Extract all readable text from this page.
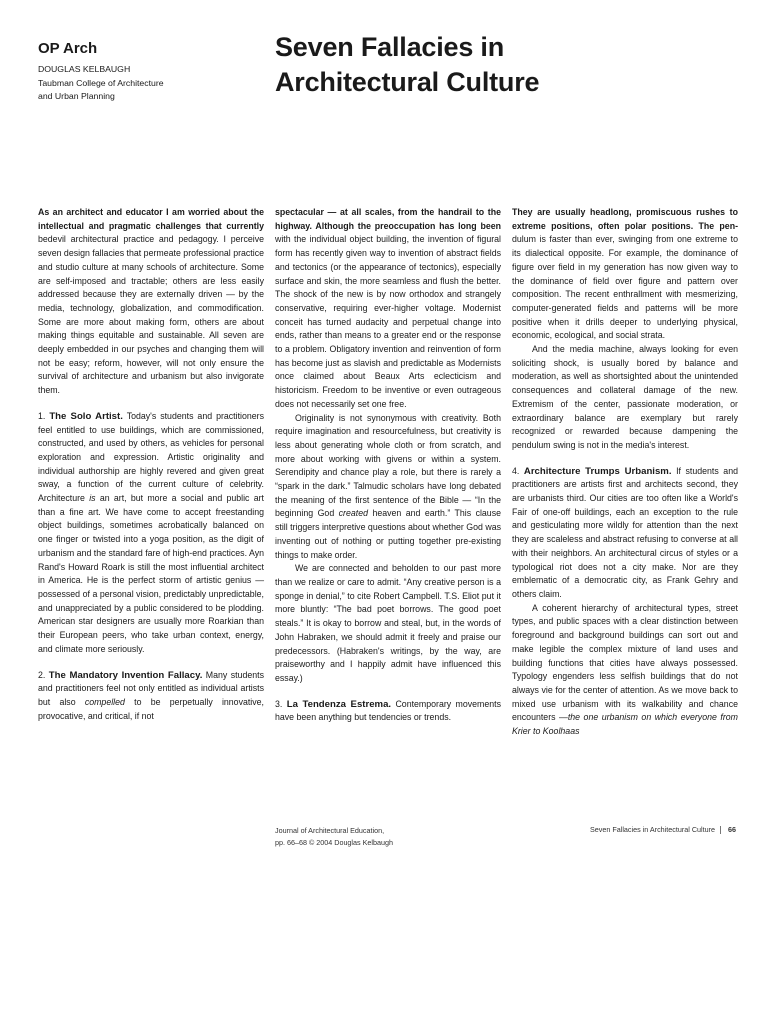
OP Arch
DOUGLAS KELBAUGH
Taubman College of Architecture
and Urban Planning
Seven Fallacies in
Architectural Culture

As an architect and educator I am worried about the intellectual and pragmatic challenges that currently bedevil architectural practice and pedagogy. I perceive seven design fallacies that permeate professional practice and studio culture at many schools of architecture. Some are self-imposed and tractable; others are less easily addressed because they are externally driven — by the media, technology, globalization, and commodification. Some are more about making form, others are about making things equitable and sustainable. All seven are deeply embedded in our psyches and changing them will not be easy; reform, however, will not only ensure the survival of architecture and urbanism but also invigorate them.

1. The Solo Artist. Today's students and practitioners feel entitled to use buildings, which are commissioned, constructed, and used by others, as vehicles for personal exploration and expression. Artistic originality and individual authorship are highly revered and given great sway, a function of the current culture of celebrity. Architecture is an art, but more a social and public art than a fine art. We have come to accept freestanding object buildings, sometimes acrobatically balanced on one finger or twisted into a yoga position, as the digit of urbanism and the standard fare of high-end practices. Ayn Rand's Howard Roark is still the most influential architect in America. He is the perfect storm of artistic genius — possessed of a personal vision, predictably unpredictable, and unappreciated by a public considered to be plodding. American star designers are usually more Roarkian than their European peers, who take urban context, energy, and climate more seriously.

2. The Mandatory Invention Fallacy. Many students and practitioners feel not only entitled as individual artists but also compelled to be perpetually innovative, provocative, and critical, if not

spectacular — at all scales, from the handrail to the highway. Although the preoccupation has long been with the individual object building, the invention of figural form has recently given way to invention of abstract fields and tectonics (or the appearance of tectonics), especially surface and skin, the more seamless and flush the better. The shock of the new is by now orthodox and strangely conservative, requiring ever-higher voltage. Modernist conceit has turned audacity and perpetual change into ends, rather than means to a greater end or the response to a problem. Obligatory invention and reinvention of form has become just as slavish and predictable as Modernists once claimed about Beaux Arts eclecticism and historicism. Freedom to be inventive or even outrageous does not necessarily set one free.

Originality is not synonymous with creativity. Both require imagination and resourcefulness, but creativity is less about generating whole cloth or from scratch, and more about working with givens or within a system. Serendipity and chance play a role, but there is rarely a “spark in the dark.” Talmudic scholars have long debated the meaning of the first sentence of the Bible — “In the beginning God created heaven and earth.” This clause still triggers interpretive questions about whether God was inventing out of nothing or putting together pre-existing things to make order.

We are connected and beholden to our past more than we realize or care to admit. “Any creative person is a sponge in denial,” to cite Robert Campbell. T.S. Eliot put it more bluntly: “The bad poet borrows. The good poet steals.” It is okay to borrow and steal, but, in the words of John Habraken, we should admit it freely and praise our predecessors. (Habraken's writings, by the way, are praiseworthy and I happily admit have influenced this essay.)

3. La Tendenza Estrema. Contemporary movements have been anything but tendencies or trends.

They are usually headlong, promiscuous rushes to extreme positions, often polar positions. The pen- dulum is faster than ever, swinging from one extreme to its dialectical opposite. For example, the dominance of figure over field in my generation has now given way to the dominance of field over figure and pattern over composition. The recent enthrallment with mesmerizing, computer-generated fields and patterns will be more positive when it drills deeper to underlying physical, economic, ecological, and social strata.

And the media machine, always looking for even soliciting shock, is usually bored by balance and moderation, as well as shortsighted about the unintended consequences and collateral damage of the new. Extremism of the center, passionate moderation, or extraordinary balance are exemplary but rarely recognized or rewarded because dampening the pendulum swing is not in the media's interest.

4. Architecture Trumps Urbanism. If students and practitioners are artists first and architects second, they are urbanists third. Our cities are too often like a World's Fair of one-off buildings, each an exception to the rule and gesticulating more wildly for attention than the next they are scaleless and abstract refusing to converse at all with their neighbors. An architectural circus of styles or a typological riot does not a city make. Nor are they emblematic of a democratic city, as Frank Gehry and others claim.

A coherent hierarchy of architectural types, street types, and public spaces with a clear distinction between foreground and background buildings can sort out and make legible the complex mixture of land uses and building functions that cities have always possessed. Typology engenders less selfish buildings that do not always vie for the center of attention. As we move back to mixed use urbanism with its walkability and chance encounters —the one urbanism on which everyone from Krier to Koolhaas

Journal of Architectural Education,
pp. 66–68 © 2004 Douglas Kelbaugh
Seven Fallacies in Architectural Culture 66
